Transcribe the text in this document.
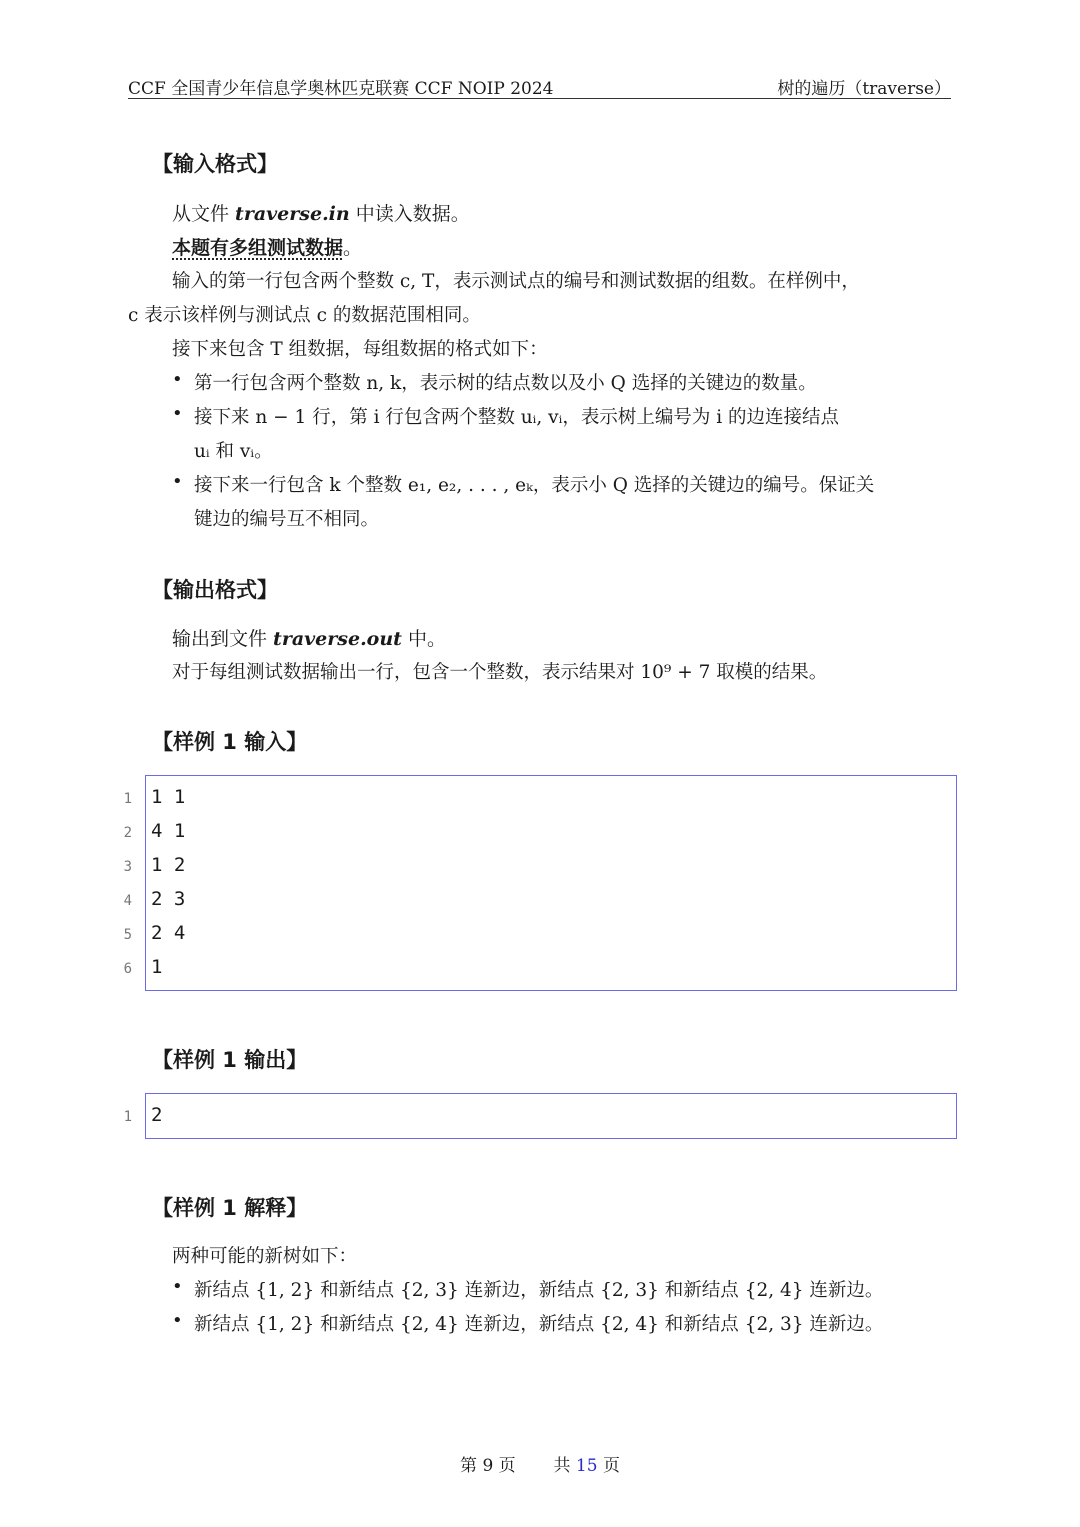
CCF 全国青少年信息学奥林匹克联赛 CCF NOIP 2024	树的遍历（traverse）
【输入格式】
从文件 traverse.in 中读入数据。
本题有多组测试数据。
输入的第一行包含两个整数 c, T，表示测试点的编号和测试数据的组数。在样例中，
c 表示该样例与测试点 c 的数据范围相同。
接下来包含 T 组数据，每组数据的格式如下：
• 第一行包含两个整数 n, k，表示树的结点数以及小 Q 选择的关键边的数量。
• 接下来 n − 1 行，第 i 行包含两个整数 uᵢ, vᵢ，表示树上编号为 i 的边连接结点
uᵢ 和 vᵢ。
• 接下来一行包含 k 个整数 e₁, e₂, . . . , eₖ，表示小 Q 选择的关键边的编号。保证关
键边的编号互不相同。
【输出格式】
输出到文件 traverse.out 中。
对于每组测试数据输出一行，包含一个整数，表示结果对 10⁹ + 7 取模的结果。
【样例 1 输入】
1 1 1
2 4 1
3 1 2
4 2 3
5 2 4
6 1
【样例 1 输出】
1 2
【样例 1 解释】
两种可能的新树如下：
• 新结点 {1, 2} 和新结点 {2, 3} 连新边，新结点 {2, 3} 和新结点 {2, 4} 连新边。
• 新结点 {1, 2} 和新结点 {2, 4} 连新边，新结点 {2, 4} 和新结点 {2, 3} 连新边。
第 9 页 共 15 页
